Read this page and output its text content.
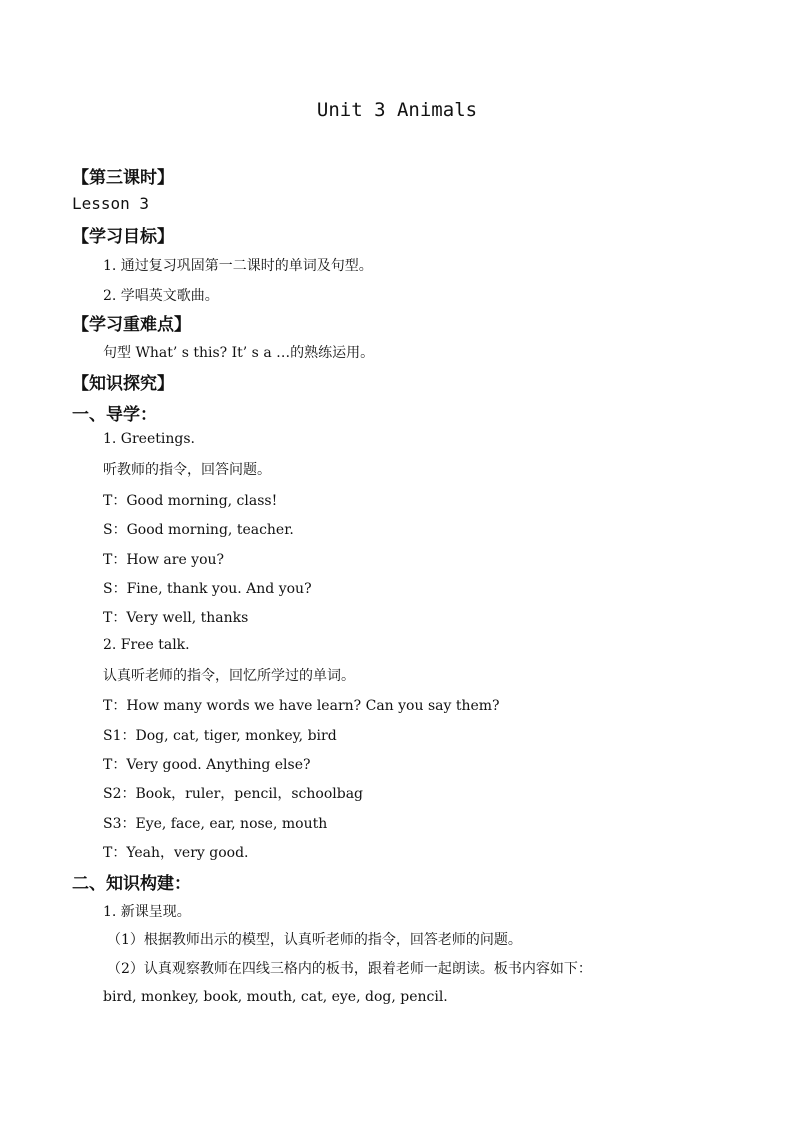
Unit 3 Animals
【第三课时】
Lesson 3
【学习目标】
1. 通过复习巩固第一二课时的单词及句型。
2. 学唱英文歌曲。
【学习重难点】
句型 What’ s this? It’ s a …的熟练运用。
【知识探究】
一、导学：
1. Greetings.
听教师的指令，回答问题。
T：Good morning, class!
S：Good morning, teacher.
T：How are you?
S：Fine, thank you. And you?
T：Very well, thanks
2. Free talk.
认真听老师的指令，回忆所学过的单词。
T：How many words we have learn? Can you say them?
S1：Dog, cat, tiger, monkey, bird
T：Very good. Anything else?
S2：Book，ruler，pencil，schoolbag
S3：Eye, face, ear, nose, mouth
T：Yeah，very good.
二、知识构建：
1. 新课呈现。
（1）根据教师出示的模型，认真听老师的指令，回答老师的问题。
（2）认真观察教师在四线三格内的板书，跟着老师一起朗读。板书内容如下：
bird, monkey, book, mouth, cat, eye, dog, pencil.
